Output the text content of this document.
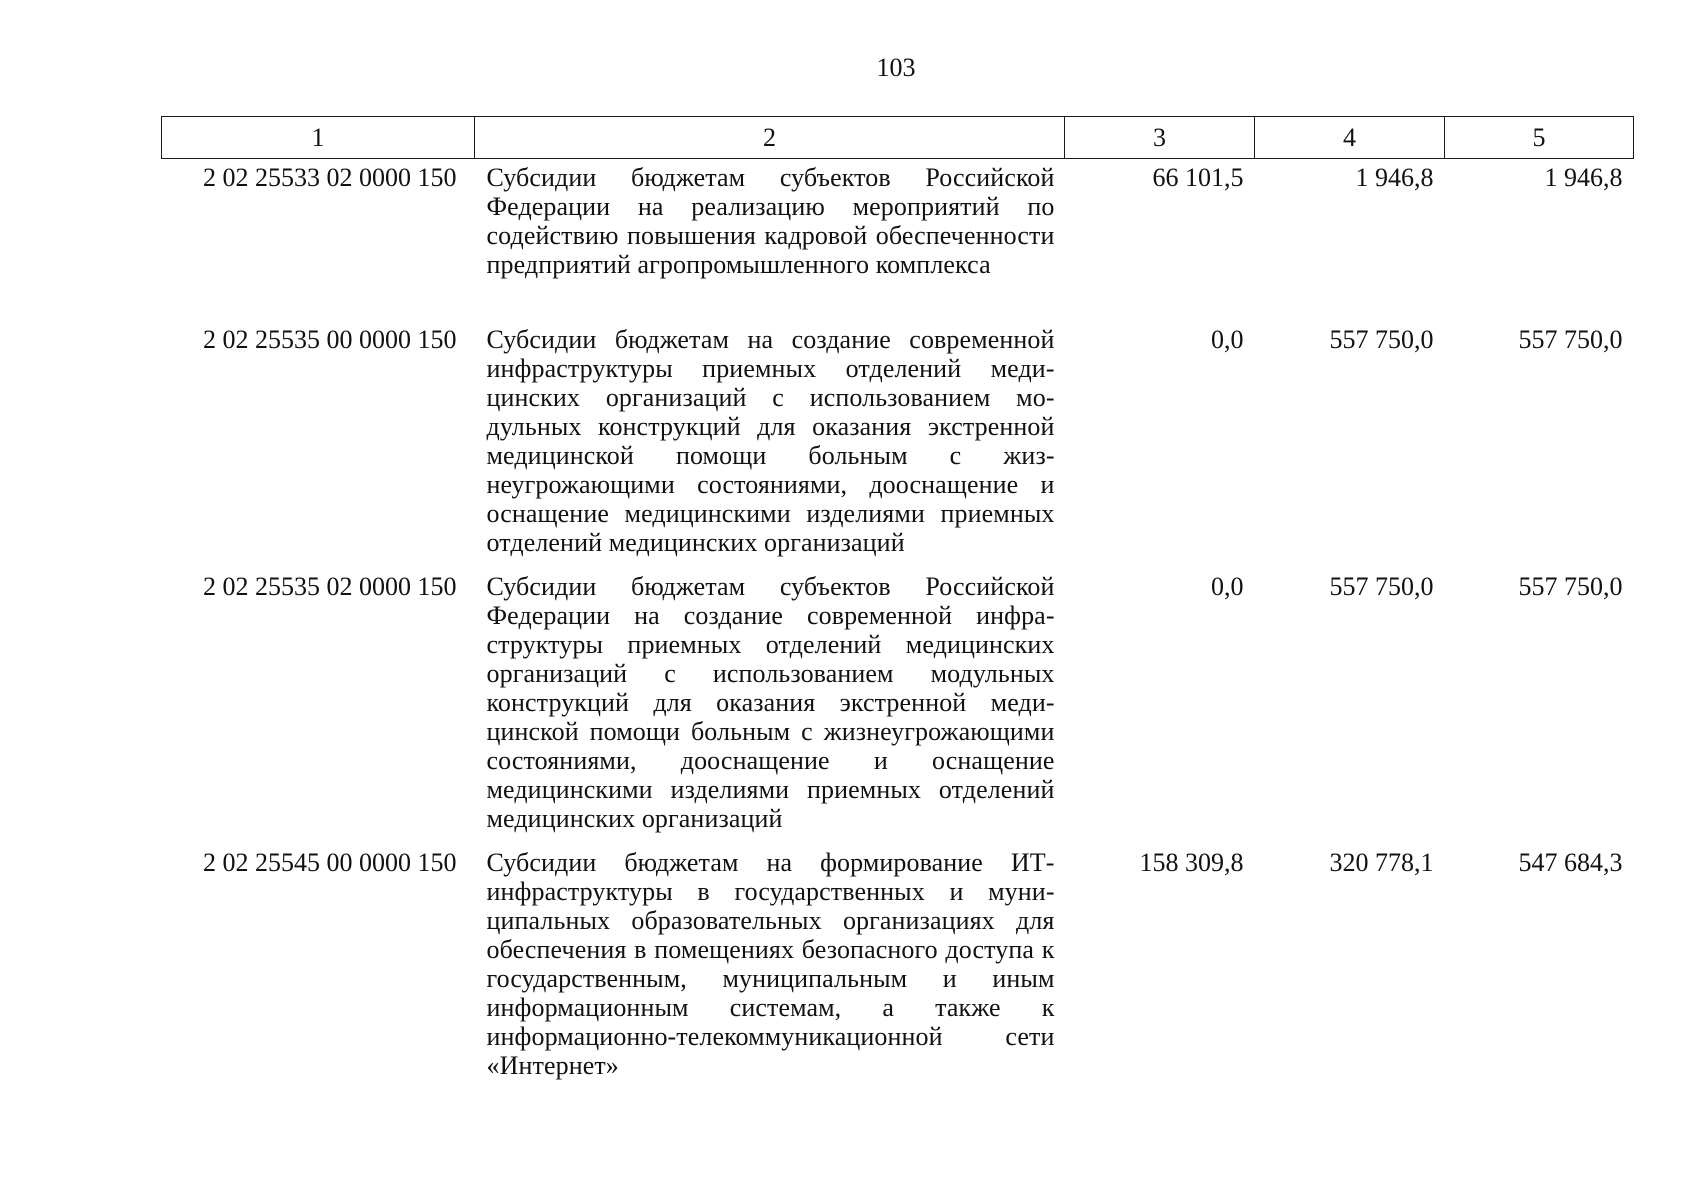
103
1	2	3	4	5
2 02 25533 02 0000 150	Субсидии бюджетам субъектов Российской Федерации на реализацию мероприятий по содействию повышения кадровой обеспеченности предприятий агропромышленного комплекса	66 101,5	1 946,8	1 946,8
2 02 25535 00 0000 150	Субсидии бюджетам на создание современной инфраструктуры приемных отделений медицинских организаций с использованием модульных конструкций для оказания экстренной медицинской помощи больным с жизнеугрожающими состояниями, дооснащение и оснащение медицинскими изделиями приемных отделений медицинских организаций	0,0	557 750,0	557 750,0
2 02 25535 02 0000 150	Субсидии бюджетам субъектов Российской Федерации на создание современной инфраструктуры приемных отделений медицинских организаций с использованием модульных конструкций для оказания экстренной медицинской помощи больным с жизнеугрожающими состояниями, дооснащение и оснащение медицинскими изделиями приемных отделений медицинских организаций	0,0	557 750,0	557 750,0
2 02 25545 00 0000 150	Субсидии бюджетам на формирование ИТ-инфраструктуры в государственных и муниципальных образовательных организациях для обеспечения в помещениях безопасного доступа к государственным, муниципальным и иным информационным системам, а также к информационно-телекоммуникационной сети «Интернет»	158 309,8	320 778,1	547 684,3
